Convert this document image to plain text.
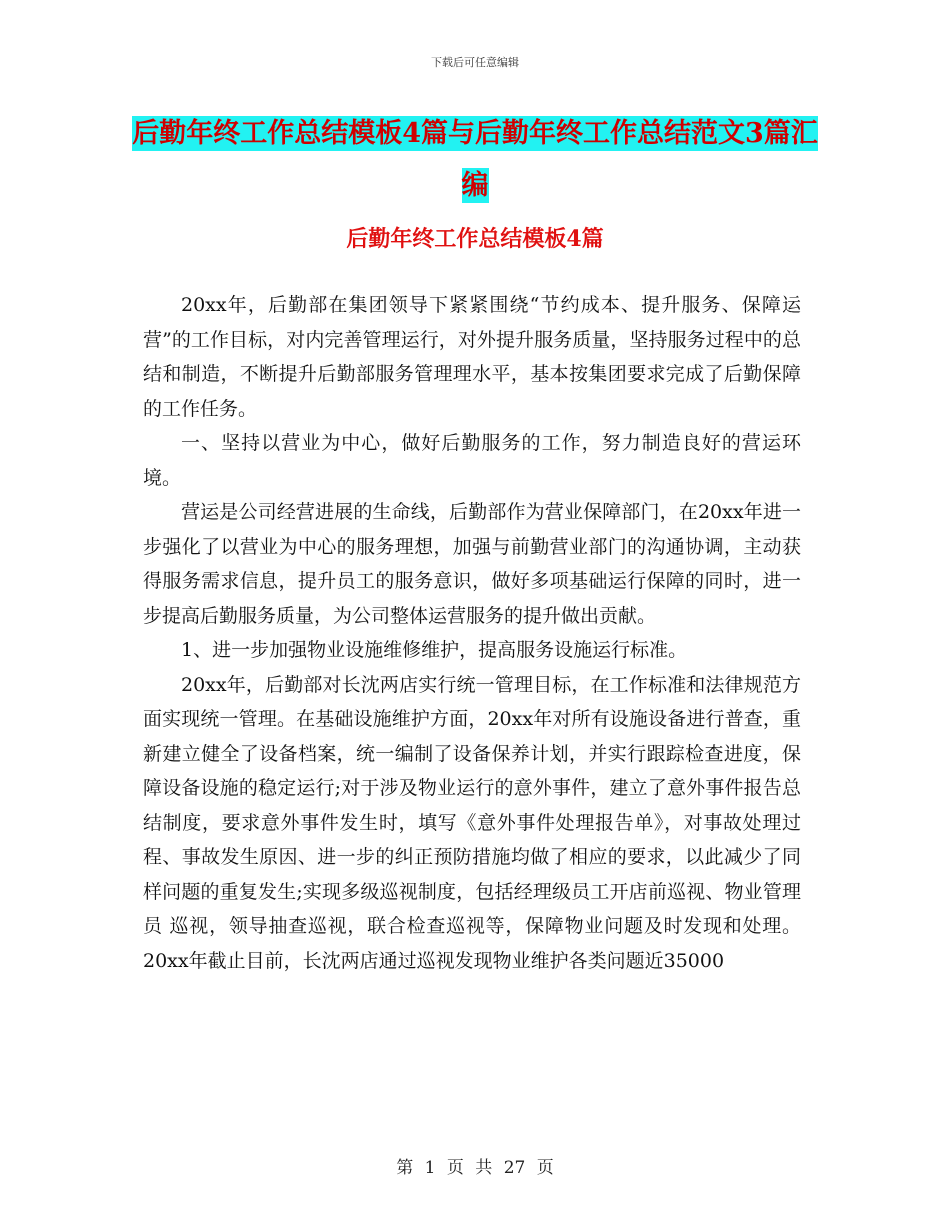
下载后可任意编辑
后勤年终工作总结模板4篇与后勤年终工作总结范文3篇汇编
后勤年终工作总结模板4篇

20xx年，后勤部在集团领导下紧紧围绕“节约成本、提升服务、保障运营”的工作目标，对内完善管理运行，对外提升服务质量，坚持服务过程中的总结和制造，不断提升后勤部服务管理理水平，基本按集团要求完成了后勤保障的工作任务。

一、坚持以营业为中心，做好后勤服务的工作，努力制造良好的营运环境。

营运是公司经营进展的生命线，后勤部作为营业保障部门，在20xx年进一步强化了以营业为中心的服务理想，加强与前勤营业部门的沟通协调，主动获得服务需求信息，提升员工的服务意识，做好多项基础运行保障的同时，进一步提高后勤服务质量，为公司整体运营服务的提升做出贡献。

1、进一步加强物业设施维修维护，提高服务设施运行标准。

20xx年，后勤部对长沈两店实行统一管理目标，在工作标准和法律规范方面实现统一管理。在基础设施维护方面，20xx年对所有设施设备进行普查，重新建立健全了设备档案，统一编制了设备保养计划，并实行跟踪检查进度，保障设备设施的稳定运行;对于涉及物业运行的意外事件，建立了意外事件报告总结制度，要求意外事件发生时，填写《意外事件处理报告单》，对事故处理过程、事故发生原因、进一步的纠正预防措施均做了相应的要求，以此减少了同样问题的重复发生;实现多级巡视制度，包括经理级员工开店前巡视、物业管理员 巡视，领导抽查巡视，联合检查巡视等，保障物业问题及时发现和处理。20xx年截止目前，长沈两店通过巡视发现物业维护各类问题近35000

第 1 页 共 27 页
